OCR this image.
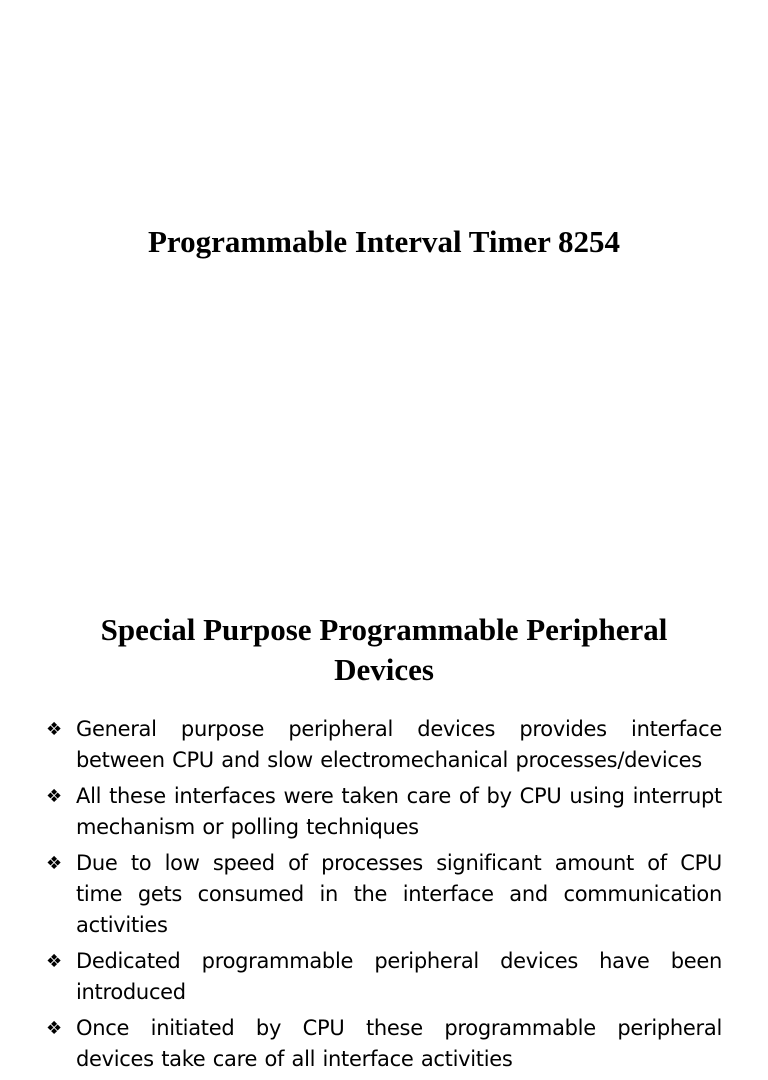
Programmable Interval Timer 8254
Special Purpose Programmable Peripheral Devices
❖ General purpose peripheral devices provides interface between CPU and slow electromechanical processes/devices
❖ All these interfaces were taken care of by CPU using interrupt mechanism or polling techniques
❖ Due to low speed of processes significant amount of CPU time gets consumed in the interface and communication activities
❖ Dedicated programmable peripheral devices have been introduced
❖ Once initiated by CPU these programmable peripheral devices take care of all interface activities
